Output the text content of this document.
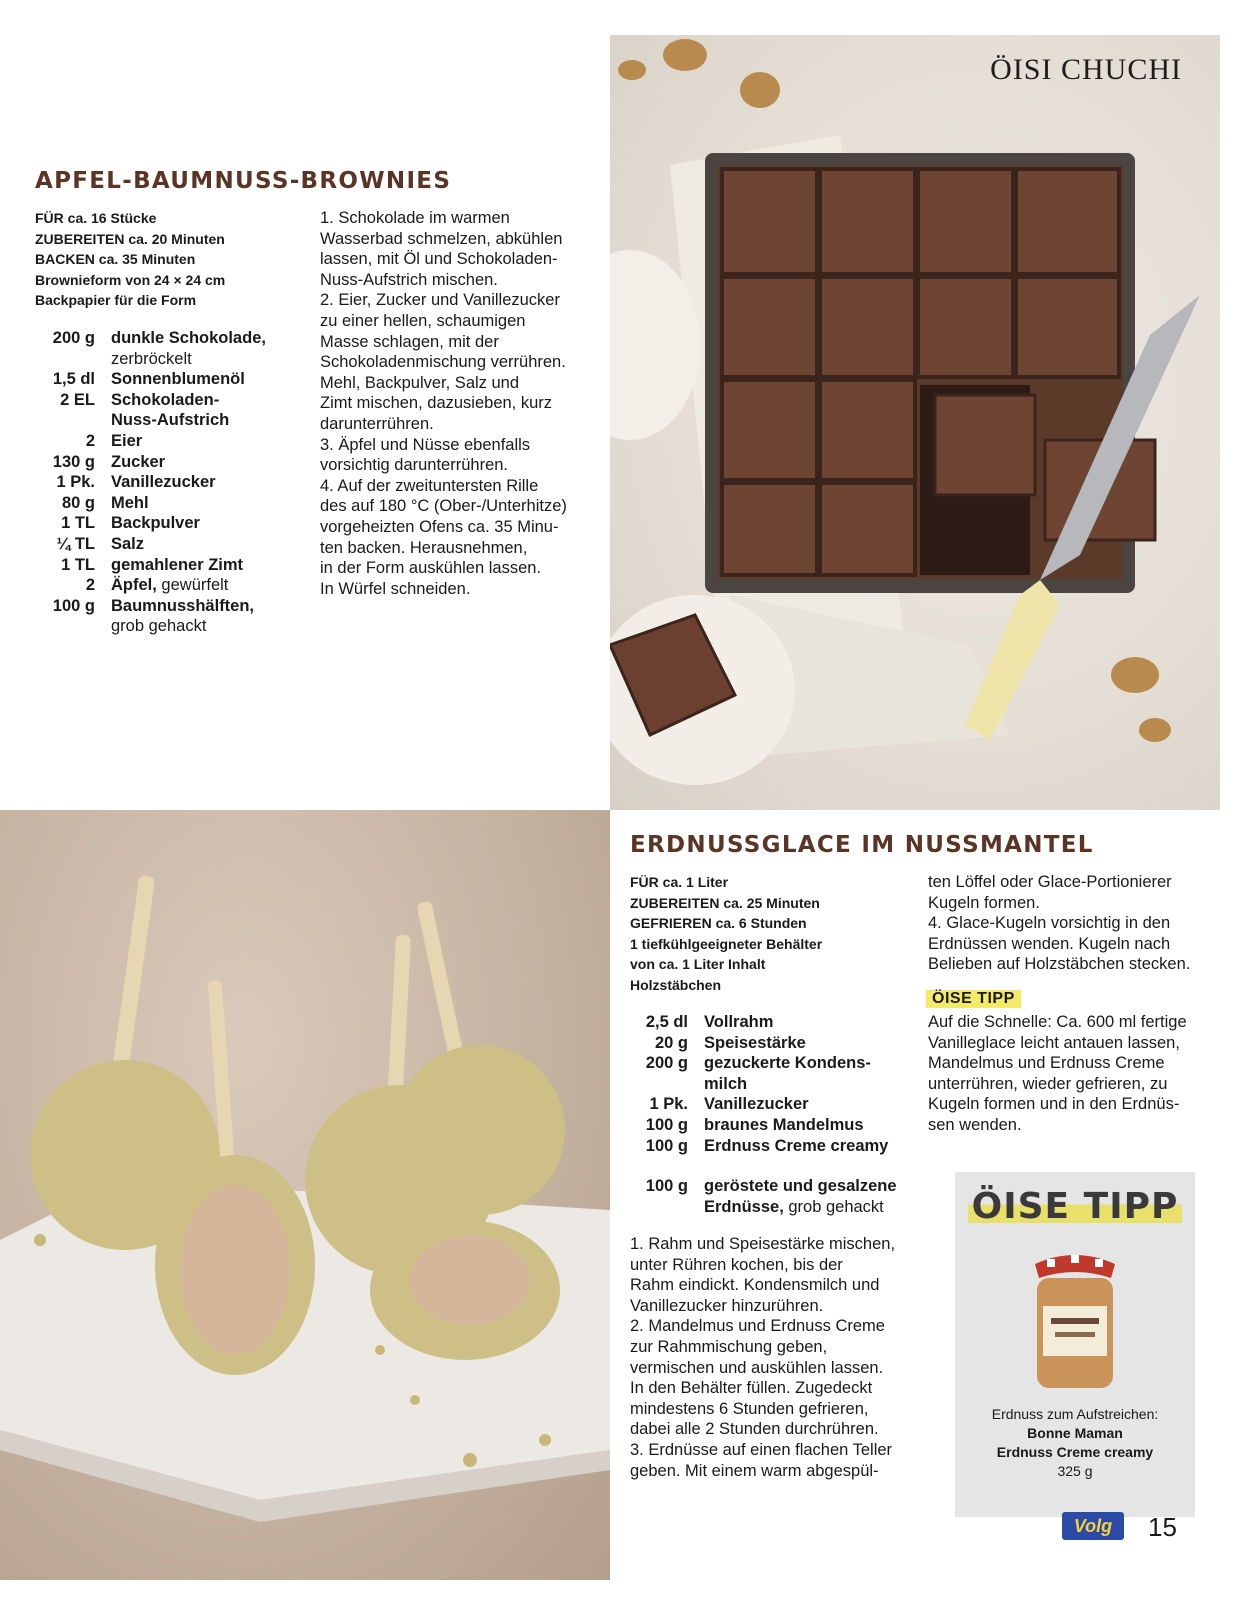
ÖISI CHUCHI
APFEL-BAUMNUSS-BROWNIES
FÜR ca. 16 Stücke
ZUBEREITEN ca. 20 Minuten
BACKEN ca. 35 Minuten
Brownieform von 24 × 24 cm
Backpapier für die Form
200 g	dunkle Schokolade,
	zerbröckelt
1,5 dl	Sonnenblumenöl
2 EL	Schokoladen-
	Nuss-Aufstrich
2	Eier
130 g	Zucker
1 Pk.	Vanillezucker
80 g	Mehl
1 TL	Backpulver
¼ TL	Salz
1 TL	gemahlener Zimt
2	Äpfel, gewürfelt
100 g	Baumnusshälften,
	grob gehackt
1. Schokolade im warmen
Wasserbad schmelzen, abkühlen
lassen, mit Öl und Schokoladen-
Nuss-Aufstrich mischen.
2. Eier, Zucker und Vanillezucker
zu einer hellen, schaumigen
Masse schlagen, mit der
Schokoladenmischung verrühren.
Mehl, Backpulver, Salz und
Zimt mischen, dazusieben, kurz
darunterrühren.
3. Äpfel und Nüsse ebenfalls
vorsichtig darunterrühren.
4. Auf der zweituntersten Rille
des auf 180 °C (Ober-/Unterhitze)
vorgeheizten Ofens ca. 35 Minu-
ten backen. Herausnehmen,
in der Form auskühlen lassen.
In Würfel schneiden.
ERDNUSSGLACE IM NUSSMANTEL
FÜR ca. 1 Liter
ZUBEREITEN ca. 25 Minuten
GEFRIEREN ca. 6 Stunden
1 tiefkühlgeeigneter Behälter
von ca. 1 Liter Inhalt
Holzstäbchen
2,5 dl	Vollrahm
20 g	Speisestärke
200 g	gezuckerte Kondens-
	milch
1 Pk.	Vanillezucker
100 g	braunes Mandelmus
100 g	Erdnuss Creme creamy

100 g	geröstete und gesalzene
	Erdnüsse, grob gehackt
1. Rahm und Speisestärke mischen,
unter Rühren kochen, bis der
Rahm eindickt. Kondensmilch und
Vanillezucker hinzurühren.
2. Mandelmus und Erdnuss Creme
zur Rahmmischung geben,
vermischen und auskühlen lassen.
In den Behälter füllen. Zugedeckt
mindestens 6 Stunden gefrieren,
dabei alle 2 Stunden durchrühren.
3. Erdnüsse auf einen flachen Teller
geben. Mit einem warm abgespül-
ten Löffel oder Glace-Portionierer
Kugeln formen.
4. Glace-Kugeln vorsichtig in den
Erdnüssen wenden. Kugeln nach
Belieben auf Holzstäbchen stecken.
ÖISE TIPP
Auf die Schnelle: Ca. 600 ml fertige
Vanilleglace leicht antauen lassen,
Mandelmus und Erdnuss Creme
unterrühren, wieder gefrieren, zu
Kugeln formen und in den Erdnüs-
sen wenden.
ÖISE TIPP
Erdnuss zum Aufstreichen:
Bonne Maman
Erdnuss Creme creamy
325 g
Volg	15
